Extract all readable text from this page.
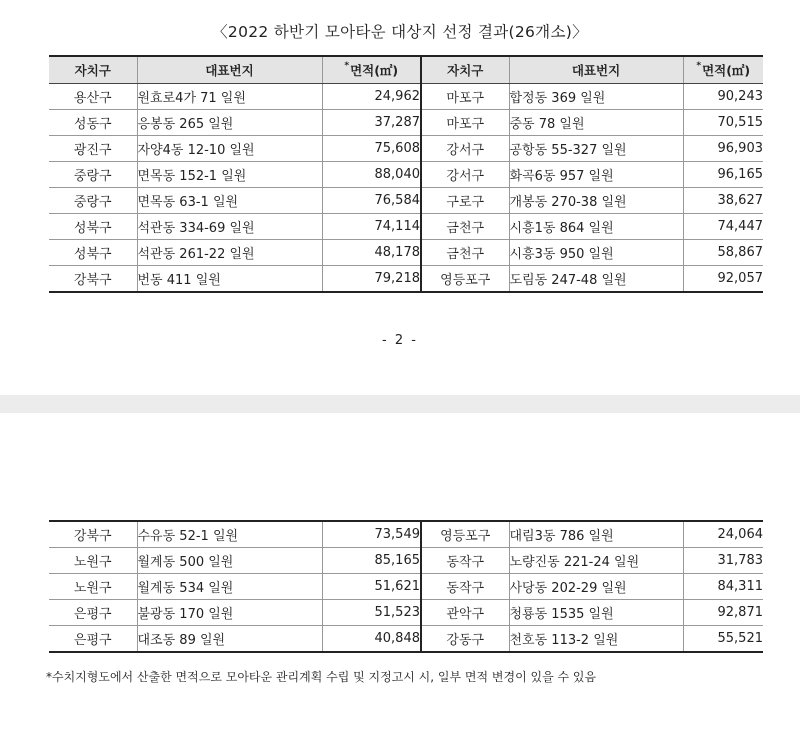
〈2022 하반기 모아타운 대상지 선정 결과(26개소)〉
자치구	대표번지	*면적(㎡)	자치구	대표번지	*면적(㎡)
용산구	원효로4가 71 일원	24,962	마포구	합정동 369 일원	90,243
성동구	응봉동 265 일원	37,287	마포구	중동 78 일원	70,515
광진구	자양4동 12-10 일원	75,608	강서구	공항동 55-327 일원	96,903
중랑구	면목동 152-1 일원	88,040	강서구	화곡6동 957 일원	96,165
중랑구	면목동 63-1 일원	76,584	구로구	개봉동 270-38 일원	38,627
성북구	석관동 334-69 일원	74,114	금천구	시흥1동 864 일원	74,447
성북구	석관동 261-22 일원	48,178	금천구	시흥3동 950 일원	58,867
강북구	번동 411 일원	79,218	영등포구	도림동 247-48 일원	92,057
- 2 -
강북구	수유동 52-1 일원	73,549	영등포구	대림3동 786 일원	24,064
노원구	월계동 500 일원	85,165	동작구	노량진동 221-24 일원	31,783
노원구	월계동 534 일원	51,621	동작구	사당동 202-29 일원	84,311
은평구	불광동 170 일원	51,523	관악구	청룡동 1535 일원	92,871
은평구	대조동 89 일원	40,848	강동구	천호동 113-2 일원	55,521
*수치지형도에서 산출한 면적으로 모아타운 관리계획 수립 및 지정고시 시, 일부 면적 변경이 있을 수 있음
